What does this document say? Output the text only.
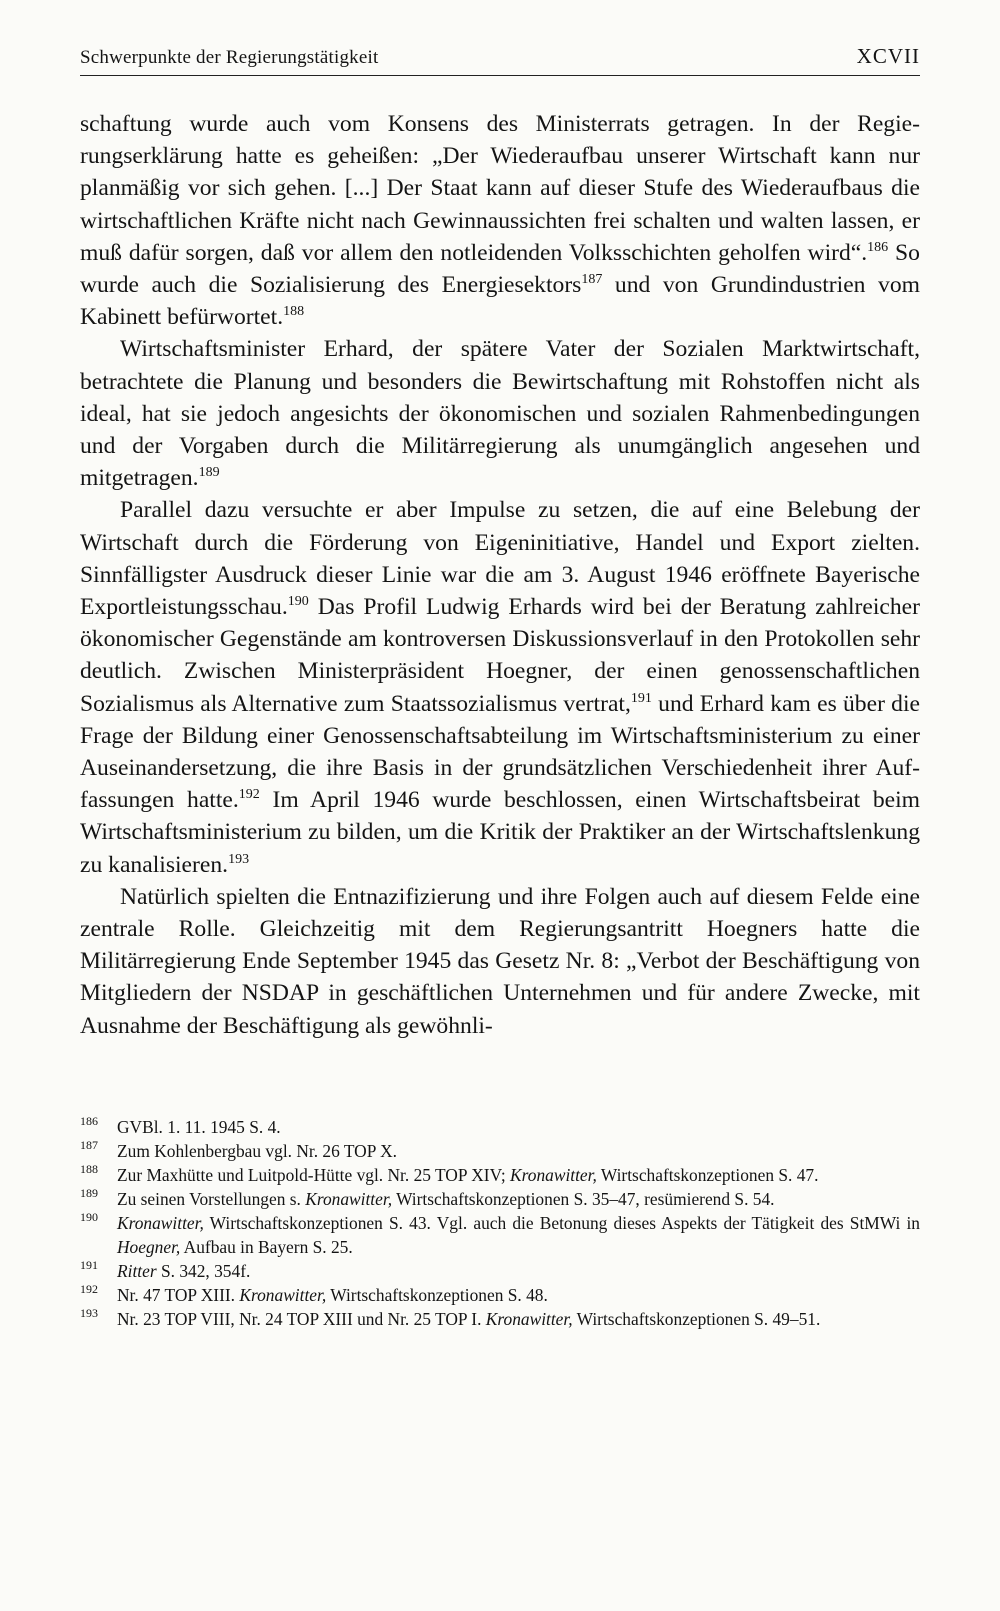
Schwerpunkte der Regierungstätigkeit	XCVII

schaftung wurde auch vom Konsens des Ministerrats getragen. In der Regierungserklärung hatte es geheißen: „Der Wiederaufbau unserer Wirtschaft kann nur planmäßig vor sich gehen. [...] Der Staat kann auf dieser Stufe des Wiederaufbaus die wirtschaftlichen Kräfte nicht nach Gewinnaussichten frei schalten und walten lassen, er muß dafür sorgen, daß vor allem den notleidenden Volksschichten geholfen wird“.$^{186}$ So wurde auch die Sozialisierung des Energiesektors$^{187}$ und von Grundindustrien vom Kabinett befürwortet.$^{188}$

Wirtschaftsminister Erhard, der spätere Vater der Sozialen Marktwirtschaft, betrachtete die Planung und besonders die Bewirtschaftung mit Rohstoffen nicht als ideal, hat sie jedoch angesichts der ökonomischen und sozialen Rahmenbedingungen und der Vorgaben durch die Militärregierung als unumgänglich angesehen und mitgetragen.$^{189}$

Parallel dazu versuchte er aber Impulse zu setzen, die auf eine Belebung der Wirtschaft durch die Förderung von Eigeninitiative, Handel und Export zielten. Sinnfälligster Ausdruck dieser Linie war die am 3. August 1946 eröffnete Bayerische Exportleistungsschau.$^{190}$ Das Profil Ludwig Erhards wird bei der Beratung zahlreicher ökonomischer Gegenstände am kontroversen Diskussionsverlauf in den Protokollen sehr deutlich. Zwischen Ministerpräsident Hoegner, der einen genossenschaftlichen Sozialismus als Alternative zum Staatssozialismus vertrat,$^{191}$ und Erhard kam es über die Frage der Bildung einer Genossenschaftsabteilung im Wirtschaftsministerium zu einer Auseinandersetzung, die ihre Basis in der grundsätzlichen Verschiedenheit ihrer Auffassungen hatte.$^{192}$ Im April 1946 wurde beschlossen, einen Wirtschaftsbeirat beim Wirtschaftsministerium zu bilden, um die Kritik der Praktiker an der Wirtschaftslenkung zu kanalisieren.$^{193}$

Natürlich spielten die Entnazifizierung und ihre Folgen auch auf diesem Felde eine zentrale Rolle. Gleichzeitig mit dem Regierungsantritt Hoegners hatte die Militärregierung Ende September 1945 das Gesetz Nr. 8: „Verbot der Beschäftigung von Mitgliedern der NSDAP in geschäftlichen Unternehmen und für andere Zwecke, mit Ausnahme der Beschäftigung als gewöhnli-

186	GVBl. 1. 11. 1945 S. 4.
187	Zum Kohlenbergbau vgl. Nr. 26 TOP X.
188	Zur Maxhütte und Luitpold-Hütte vgl. Nr. 25 TOP XIV; Kronawitter, Wirtschaftskonzeptionen S. 47.
189	Zu seinen Vorstellungen s. Kronawitter, Wirtschaftskonzeptionen S. 35–47, resümierend S. 54.
190	Kronawitter, Wirtschaftskonzeptionen S. 43. Vgl. auch die Betonung dieses Aspekts der Tätigkeit des StMWi in Hoegner, Aufbau in Bayern S. 25.
191	Ritter S. 342, 354f.
192	Nr. 47 TOP XIII. Kronawitter, Wirtschaftskonzeptionen S. 48.
193	Nr. 23 TOP VIII, Nr. 24 TOP XIII und Nr. 25 TOP I. Kronawitter, Wirtschaftskonzeptionen S. 49–51.
